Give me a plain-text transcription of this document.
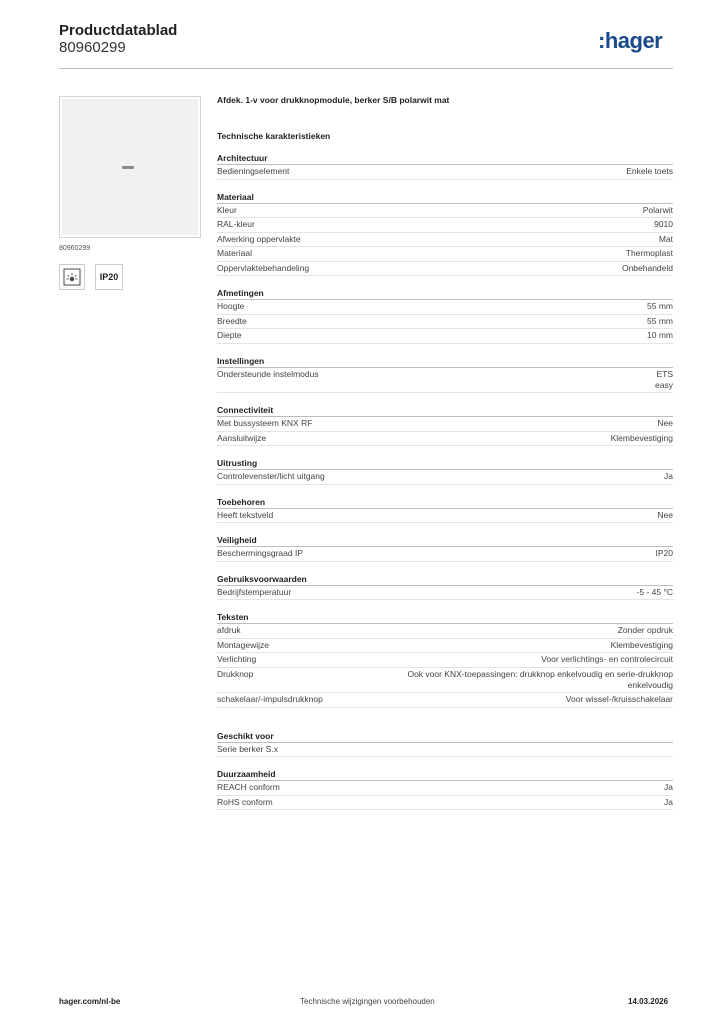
Productdatablad
80960299	:hager
80960299
IP20
Afdek. 1-v voor drukknopmodule, berker S/B polarwit mat
Technische karakteristieken
Architectuur
Bedieningselement	Enkele toets
Materiaal
Kleur	Polarwit
RAL-kleur	9010
Afwerking oppervlakte	Mat
Materiaal	Thermoplast
Oppervlaktebehandeling	Onbehandeld
Afmetingen
Hoogte	55 mm
Breedte	55 mm
Diepte	10 mm
Instellingen
Ondersteunde instelmodus	ETS
easy
Connectiviteit
Met bussysteem KNX RF	Nee
Aansluitwijze	Klembevestiging
Uitrusting
Controlevenster/licht uitgang	Ja
Toebehoren
Heeft tekstveld	Nee
Veiligheid
Beschermingsgraad IP	IP20
Gebruiksvoorwaarden
Bedrijfstemperatuur	-5 - 45 °C
Teksten
afdruk	Zonder opdruk
Montagewijze	Klembevestiging
Verlichting	Voor verlichtings- en controlecircuit
Drukknop	Ook voor KNX-toepassingen: drukknop enkelvoudig en serie-drukknop enkelvoudig
schakelaar/-impulsdrukknop	Voor wissel-/kruisschakelaar
Geschikt voor
Serie berker S.x
Duurzaamheid
REACH conform	Ja
RoHS conform	Ja
hager.com/nl-be	Technische wijzigingen voorbehouden	14.03.2026
